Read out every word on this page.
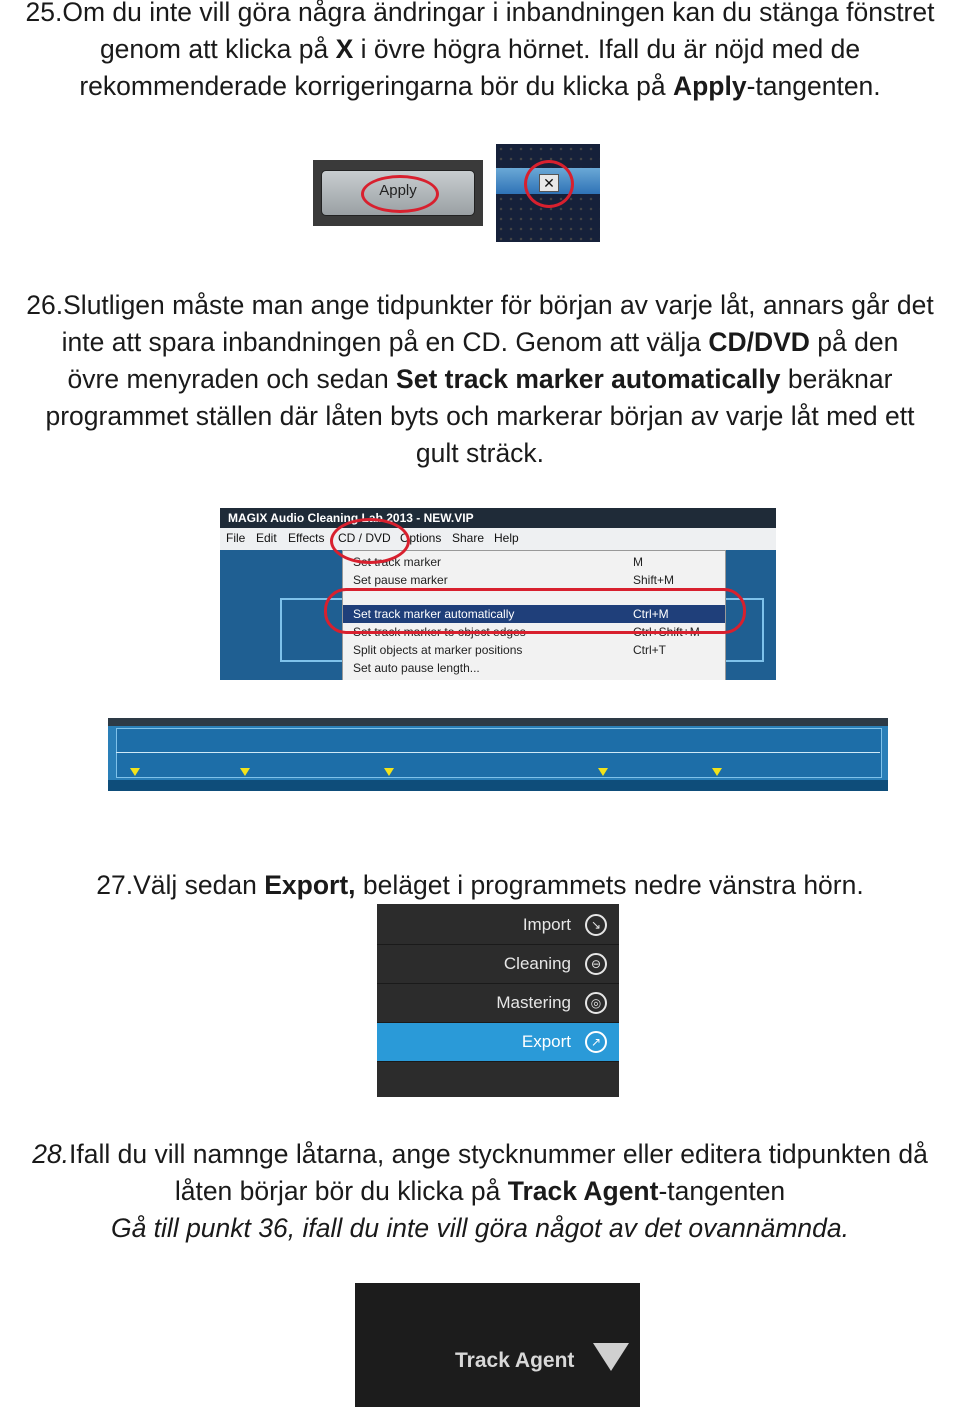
25.Om du inte vill göra några ändringar i inbandningen kan du stänga fönstret

genom att klicka på X i övre högra hörnet. Ifall du är nöjd med de

rekommenderade korrigeringarna bör du klicka på Apply-tangenten.

Apply	✕

26.Slutligen måste man ange tidpunkter för början av varje låt, annars går det

inte att spara inbandningen på en CD. Genom att välja CD/DVD på den

övre menyraden och sedan Set track marker automatically beräknar

programmet ställen där låten byts och markerar början av varje låt med ett

gult sträck.

MAGIX Audio Cleaning Lab 2013 - NEW.VIP
File Edit Effects CD / DVD Options Share Help
Set track marker	M
Set pause marker	Shift+M
Set track marker automatically	Ctrl+M
Set track marker to object edges	Ctrl+Shift+M
Split objects at marker positions	Ctrl+T
Set auto pause length...

27.Välj sedan Export, beläget i programmets nedre vänstra hörn.

Import	↘
Cleaning	⊖
Mastering	◎
Export	↗

28.Ifall du vill namnge låtarna, ange stycknummer eller editera tidpunkten då

låten börjar bör du klicka på Track Agent-tangenten

Gå till punkt 36, ifall du inte vill göra något av det ovannämnda.

Track Agent
